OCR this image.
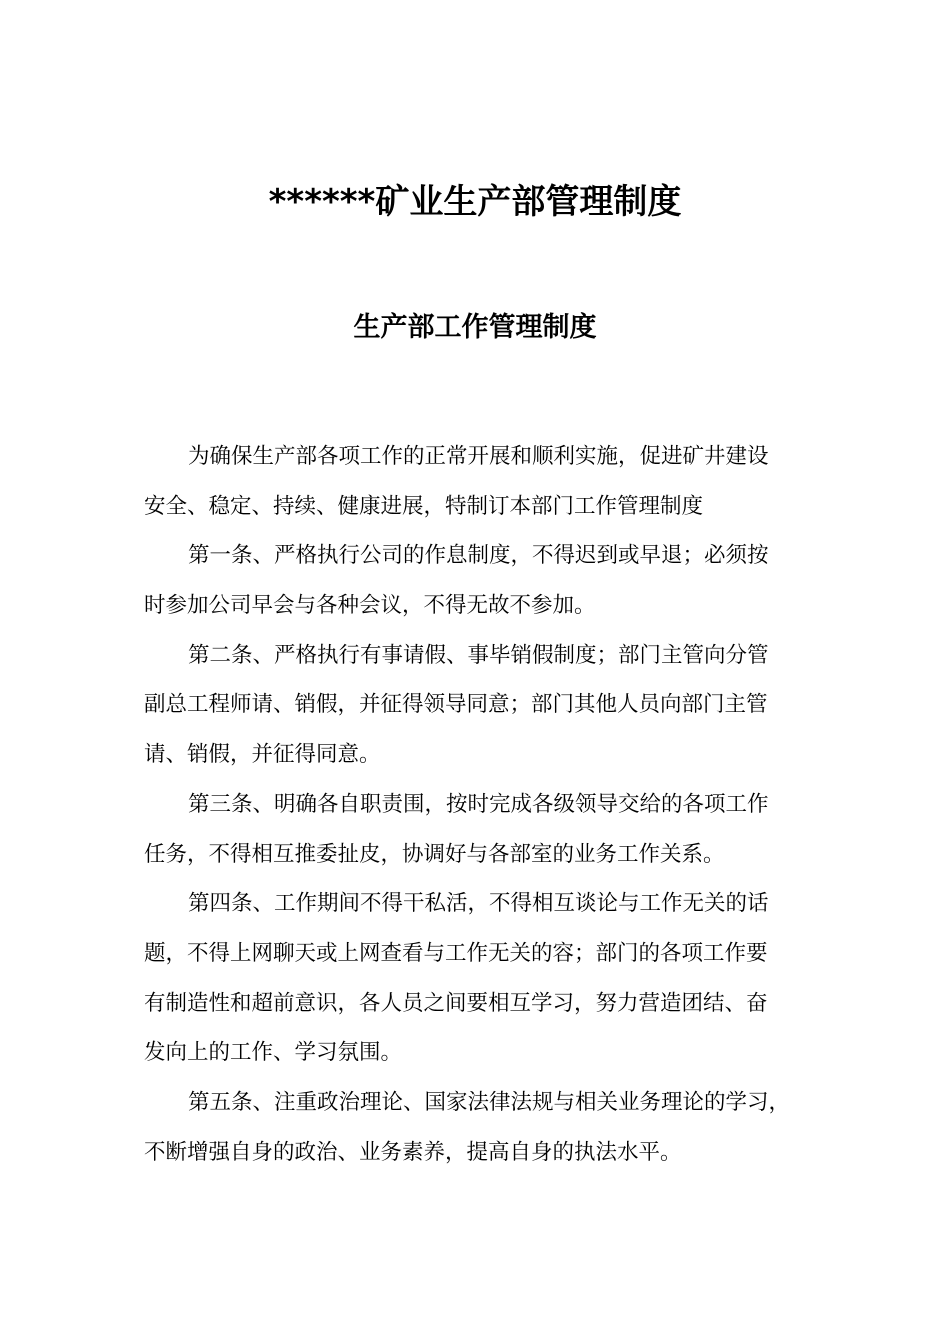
******矿业生产部管理制度
生产部工作管理制度
为确保生产部各项工作的正常开展和顺利实施，促进矿井建设
安全、稳定、持续、健康进展，特制订本部门工作管理制度
第一条、严格执行公司的作息制度，不得迟到或早退；必须按
时参加公司早会与各种会议，不得无故不参加。
第二条、严格执行有事请假、事毕销假制度；部门主管向分管
副总工程师请、销假，并征得领导同意；部门其他人员向部门主管
请、销假，并征得同意。
第三条、明确各自职责围，按时完成各级领导交给的各项工作
任务，不得相互推委扯皮，协调好与各部室的业务工作关系。
第四条、工作期间不得干私活，不得相互谈论与工作无关的话
题，不得上网聊天或上网查看与工作无关的容；部门的各项工作要
有制造性和超前意识，各人员之间要相互学习，努力营造团结、奋
发向上的工作、学习氛围。
第五条、注重政治理论、国家法律法规与相关业务理论的学习，
不断增强自身的政治、业务素养，提高自身的执法水平。
